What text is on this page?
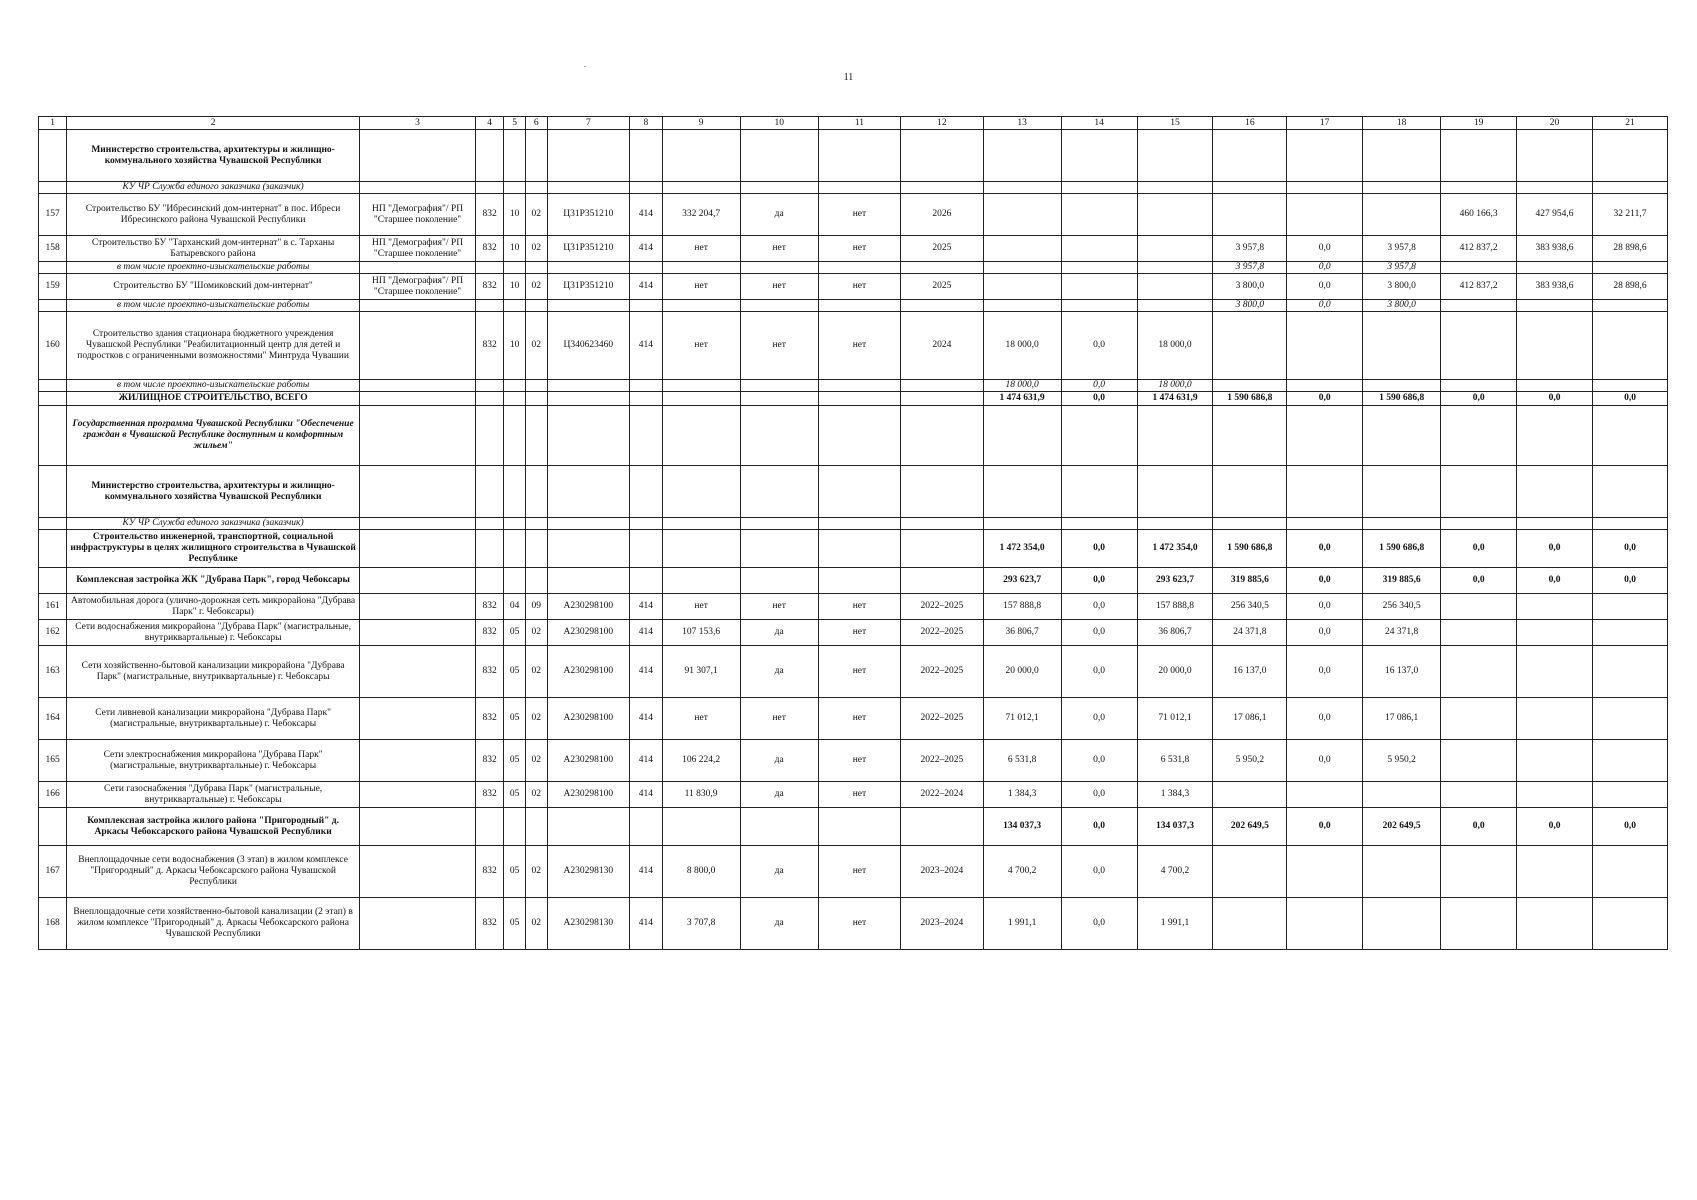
.
11
1	2	3	4	5	6	7	8	9	10	11	12	13	14	15	16	17	18	19	20	21
	Министерство строительства, архитектуры и жилищно-коммунального хозяйства Чувашской Республики																			
	КУ ЧР Служба единого заказчика (заказчик)																			
157	Строительство БУ "Ибресинский дом-интернат" в пос. Ибреси Ибресинского района Чувашской Республики	НП "Демография"/ РП "Старшее поколение"	832	10	02	Ц31Р351210	414	332 204,7	да	нет	2026							460 166,3	427 954,6	32 211,7
158	Строительство БУ "Тарханский дом-интернат" в с. Тарханы Батыревского района	НП "Демография"/ РП "Старшее поколение"	832	10	02	Ц31Р351210	414	нет	нет	нет	2025				3 957,8	0,0	3 957,8	412 837,2	383 938,6	28 898,6
	в том числе проектно-изыскательские работы														3 957,8	0,0	3 957,8			
159	Строительство БУ "Шомиковский дом-интернат"	НП "Демография"/ РП "Старшее поколение"	832	10	02	Ц31Р351210	414	нет	нет	нет	2025				3 800,0	0,0	3 800,0	412 837,2	383 938,6	28 898,6
	в том числе проектно-изыскательские работы														3 800,0	0,0	3 800,0			
160	Строительство здания стационара бюджетного учреждения Чувашской Республики "Реабилитационный центр для детей и подростков с ограниченными возможностями" Минтруда Чувашии		832	10	02	Ц340623460	414	нет	нет	нет	2024	18 000,0	0,0	18 000,0						
	в том числе проектно-изыскательские работы											18 000,0	0,0	18 000,0						
	ЖИЛИЩНОЕ СТРОИТЕЛЬСТВО, ВСЕГО											1 474 631,9	0,0	1 474 631,9	1 590 686,8	0,0	1 590 686,8	0,0	0,0	0,0
	Государственная программа Чувашской Республики "Обеспечение граждан в Чувашской Республике доступным и комфортным жильем"																			
	Министерство строительства, архитектуры и жилищно-коммунального хозяйства Чувашской Республики																			
	КУ ЧР Служба единого заказчика (заказчик)																			
	Строительство инженерной, транспортной, социальной инфраструктуры в целях жилищного строительства в Чувашской Республике											1 472 354,0	0,0	1 472 354,0	1 590 686,8	0,0	1 590 686,8	0,0	0,0	0,0
	Комплексная застройка ЖК "Дубрава Парк", город Чебоксары											293 623,7	0,0	293 623,7	319 885,6	0,0	319 885,6	0,0	0,0	0,0
161	Автомобильная дорога (улично-дорожная сеть микрорайона "Дубрава Парк" г. Чебоксары)		832	04	09	А230298100	414	нет	нет	нет	2022–2025	157 888,8	0,0	157 888,8	256 340,5	0,0	256 340,5			
162	Сети водоснабжения микрорайона "Дубрава Парк" (магистральные, внутриквартальные) г. Чебоксары		832	05	02	А230298100	414	107 153,6	да	нет	2022–2025	36 806,7	0,0	36 806,7	24 371,8	0,0	24 371,8			
163	Сети хозяйственно-бытовой канализации микрорайона "Дубрава Парк" (магистральные, внутриквартальные) г. Чебоксары		832	05	02	А230298100	414	91 307,1	да	нет	2022–2025	20 000,0	0,0	20 000,0	16 137,0	0,0	16 137,0			
164	Сети ливневой канализации микрорайона "Дубрава Парк" (магистральные, внутриквартальные) г. Чебоксары		832	05	02	А230298100	414	нет	нет	нет	2022–2025	71 012,1	0,0	71 012,1	17 086,1	0,0	17 086,1			
165	Сети электроснабжения микрорайона "Дубрава Парк" (магистральные, внутриквартальные) г. Чебоксары		832	05	02	А230298100	414	106 224,2	да	нет	2022–2025	6 531,8	0,0	6 531,8	5 950,2	0,0	5 950,2			
166	Сети газоснабжения "Дубрава Парк" (магистральные, внутриквартальные) г. Чебоксары		832	05	02	А230298100	414	11 830,9	да	нет	2022–2024	1 384,3	0,0	1 384,3						
	Комплексная застройка жилого района "Пригородный" д. Аркасы Чебоксарского района Чувашской Республики											134 037,3	0,0	134 037,3	202 649,5	0,0	202 649,5	0,0	0,0	0,0
167	Внеплощадочные сети водоснабжения (3 этап) в жилом комплексе "Пригородный" д. Аркасы Чебоксарского района Чувашской Республики		832	05	02	А230298130	414	8 800,0	да	нет	2023–2024	4 700,2	0,0	4 700,2						
168	Внеплощадочные сети хозяйственно-бытовой канализации (2 этап) в жилом комплексе "Пригородный" д. Аркасы Чебоксарского района Чувашской Республики		832	05	02	А230298130	414	3 707,8	да	нет	2023–2024	1 991,1	0,0	1 991,1						
